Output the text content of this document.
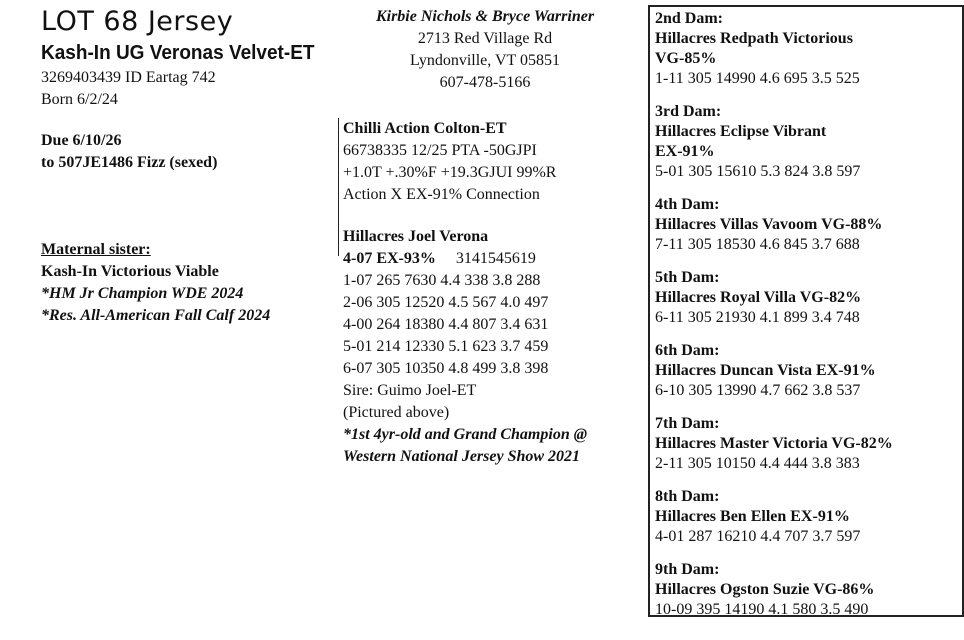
LOT 68 Jersey
Kash-In UG Veronas Velvet-ET
3269403439 ID Eartag 742
Born 6/2/24
Due 6/10/26
to 507JE1486 Fizz (sexed)
Maternal sister:
Kash-In Victorious Viable
*HM Jr Champion WDE 2024
*Res. All-American Fall Calf 2024
Kirbie Nichols & Bryce Warriner
2713 Red Village Rd
Lyndonville, VT 05851
607-478-5166
Chilli Action Colton-ET
66738335 12/25 PTA -50GJPI
+1.0T +.30%F +19.3GJUI 99%R
Action X EX-91% Connection
Hillacres Joel Verona
4-07 EX-93% 3141545619
1-07 265 7630 4.4 338 3.8 288
2-06 305 12520 4.5 567 4.0 497
4-00 264 18380 4.4 807 3.4 631
5-01 214 12330 5.1 623 3.7 459
6-07 305 10350 4.8 499 3.8 398
Sire: Guimo Joel-ET
(Pictured above)
*1st 4yr-old and Grand Champion @
Western National Jersey Show 2021
2nd Dam:
Hillacres Redpath Victorious
VG-85%
1-11 305 14990 4.6 695 3.5 525
3rd Dam:
Hillacres Eclipse Vibrant
EX-91%
5-01 305 15610 5.3 824 3.8 597
4th Dam:
Hillacres Villas Vavoom VG-88%
7-11 305 18530 4.6 845 3.7 688
5th Dam:
Hillacres Royal Villa VG-82%
6-11 305 21930 4.1 899 3.4 748
6th Dam:
Hillacres Duncan Vista EX-91%
6-10 305 13990 4.7 662 3.8 537
7th Dam:
Hillacres Master Victoria VG-82%
2-11 305 10150 4.4 444 3.8 383
8th Dam:
Hillacres Ben Ellen EX-91%
4-01 287 16210 4.4 707 3.7 597
9th Dam:
Hillacres Ogston Suzie VG-86%
10-09 395 14190 4.1 580 3.5 490
